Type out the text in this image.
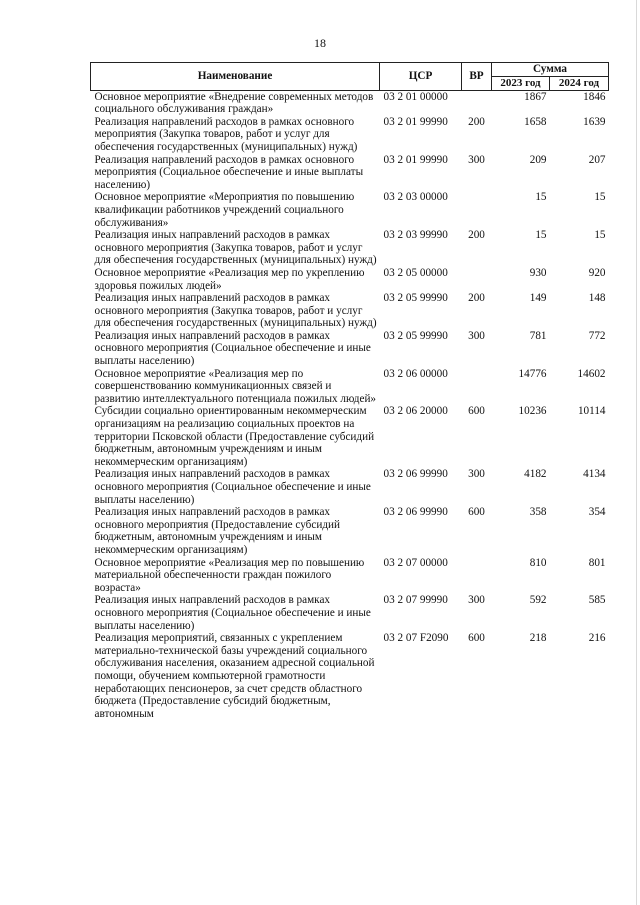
18
Наименование	ЦСР	ВР	Сумма	
			2023 год	2024 год
Основное мероприятие «Внедрение современных методов социального обслуживания граждан»	03 2 01 00000		1867	1846
Реализация направлений расходов в рамках основного мероприятия (Закупка товаров, работ и услуг для обеспечения государственных (муниципальных) нужд)	03 2 01 99990	200	1658	1639
Реализация направлений расходов в рамках основного мероприятия (Социальное обеспечение и иные выплаты населению)	03 2 01 99990	300	209	207
Основное мероприятие «Мероприятия по повышению квалификации работников учреждений социального обслуживания»	03 2 03 00000		15	15
Реализация иных направлений расходов в рамках основного мероприятия (Закупка товаров, работ и услуг для обеспечения государственных (муниципальных) нужд)	03 2 03 99990	200	15	15
Основное мероприятие «Реализация мер по укреплению здоровья пожилых людей»	03 2 05 00000		930	920
Реализация иных направлений расходов в рамках основного мероприятия (Закупка товаров, работ и услуг для обеспечения государственных (муниципальных) нужд)	03 2 05 99990	200	149	148
Реализация иных направлений расходов в рамках основного мероприятия (Социальное обеспечение и иные выплаты населению)	03 2 05 99990	300	781	772
Основное мероприятие «Реализация мер по совершенствованию коммуникационных связей и развитию интеллектуального потенциала пожилых людей»	03 2 06 00000		14776	14602
Субсидии социально ориентированным некоммерческим организациям на реализацию социальных проектов на территории Псковской области (Предоставление субсидий бюджетным, автономным учреждениям и иным некоммерческим организациям)	03 2 06 20000	600	10236	10114
Реализация иных направлений расходов в рамках основного мероприятия (Социальное обеспечение и иные выплаты населению)	03 2 06 99990	300	4182	4134
Реализация иных направлений расходов в рамках основного мероприятия (Предоставление субсидий бюджетным, автономным учреждениям и иным некоммерческим организациям)	03 2 06 99990	600	358	354
Основное мероприятие «Реализация мер по повышению материальной обеспеченности граждан пожилого возраста»	03 2 07 00000		810	801
Реализация иных направлений расходов в рамках основного мероприятия (Социальное обеспечение и иные выплаты населению)	03 2 07 99990	300	592	585
Реализация мероприятий, связанных с укреплением материально-технической базы учреждений социального обслуживания населения, оказанием адресной социальной помощи, обучением компьютерной грамотности неработающих пенсионеров, за счет средств областного бюджета (Предоставление субсидий бюджетным, автономным	03 2 07 F2090	600	218	216
